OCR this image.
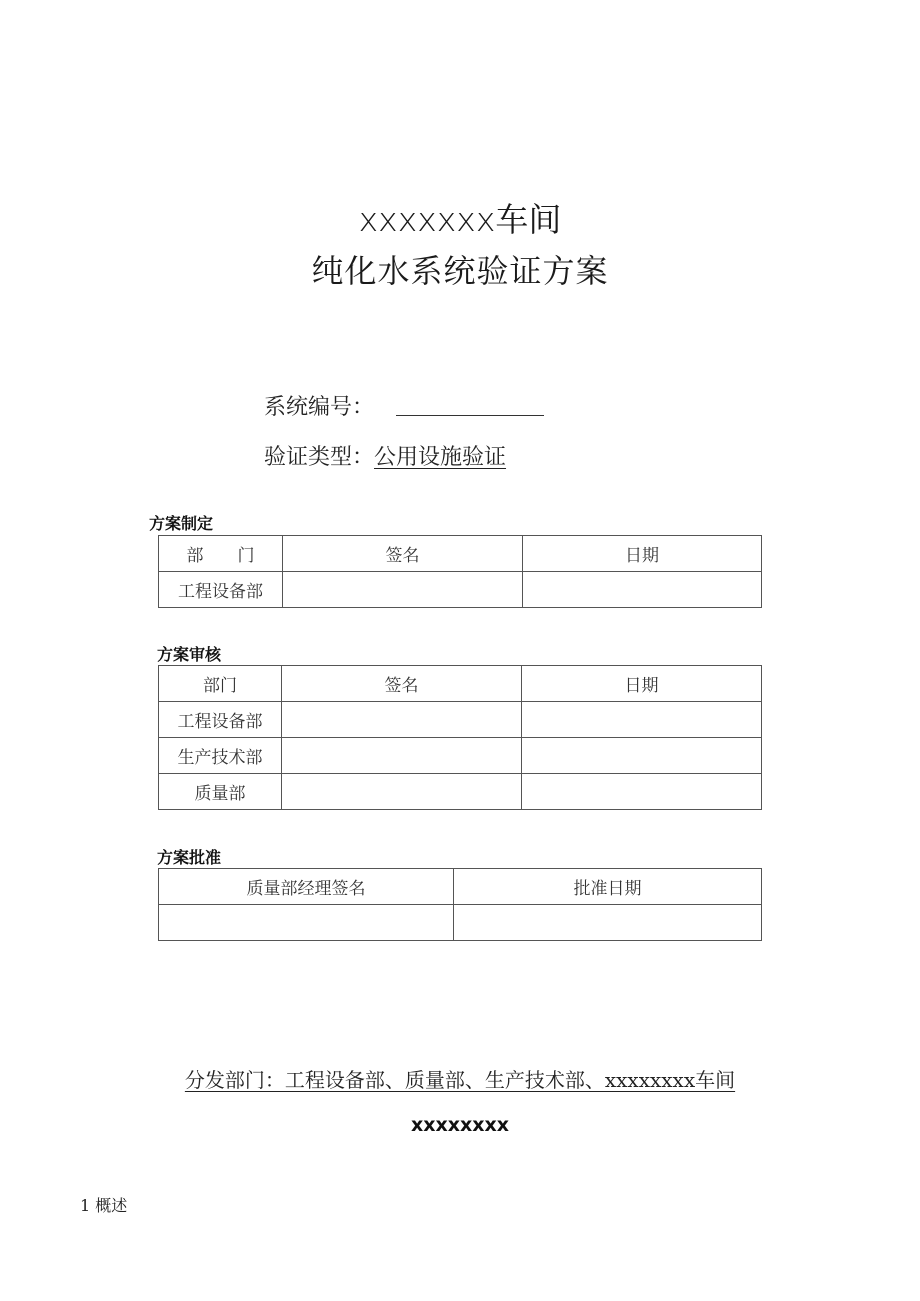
xxxxxxx车间
纯化水系统验证方案
系统编号：
验证类型：公用设施验证
方案制定
部　　门	签名	日期
工程设备部		
方案审核
部门	签名	日期
工程设备部		
生产技术部		
质量部		
方案批准
质量部经理签名	批准日期

分发部门：工程设备部、质量部、生产技术部、xxxxxxxx车间
xxxxxxxx
1 概述
